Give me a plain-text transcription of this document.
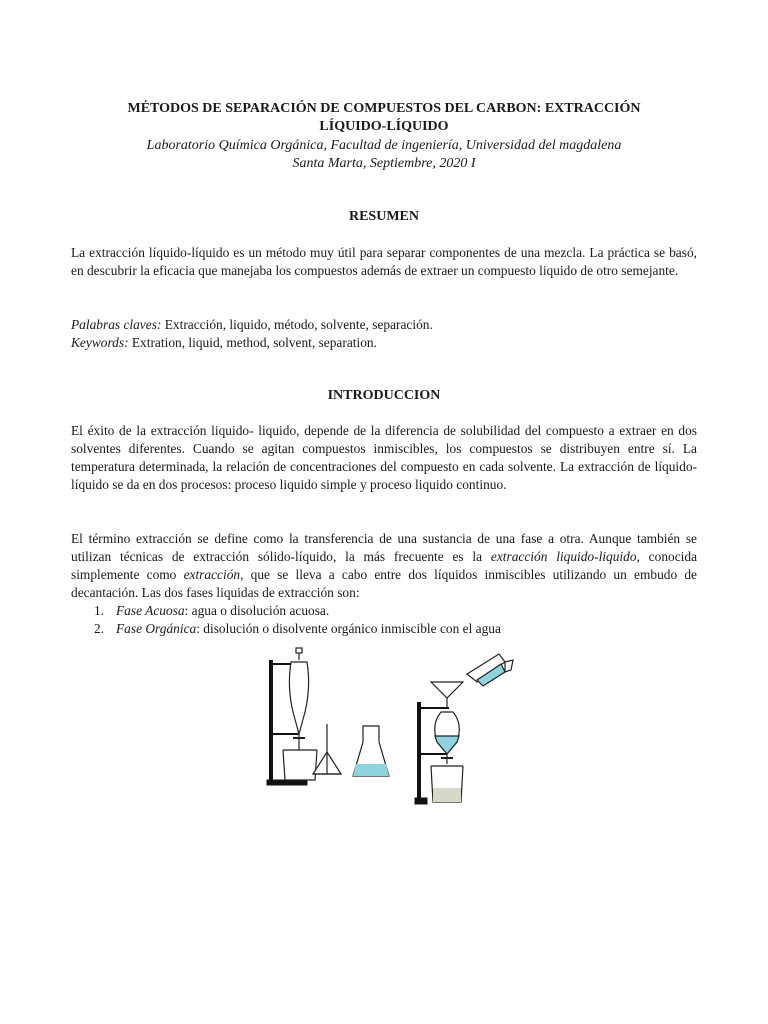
MÉTODOS DE SEPARACIÓN DE COMPUESTOS DEL CARBON: EXTRACCIÓN
LÍQUIDO-LÍQUIDO
Laboratorio Química Orgánica, Facultad de ingeniería, Universidad del magdalena
Santa Marta, Septiembre, 2020 I
RESUMEN
La extracción líquido-líquido es un método muy útil para separar componentes de una mezcla. La práctica se basó, en descubrir la eficacia que manejaba los compuestos además de extraer un compuesto liquido de otro semejante.
Palabras claves: Extracción, liquido, método, solvente, separación.
Keywords: Extration, liquid, method, solvent, separation.
INTRODUCCION
El éxito de la extracción liquido- liquido, depende de la diferencia de solubilidad del compuesto a extraer en dos solventes diferentes. Cuando se agitan compuestos inmiscibles, los compuestos se distribuyen entre sí. La temperatura determinada, la relación de concentraciones del compuesto en cada solvente. La extracción de líquido- líquido se da en dos procesos: proceso liquido simple y proceso liquido continuo.
El término extracción se define como la transferencia de una sustancia de una fase a otra. Aunque también se utilizan técnicas de extracción sólido-líquido, la más frecuente es la extracción liquido-liquido, conocida simplemente como extracción, que se lleva a cabo entre dos líquidos inmiscibles utilizando un embudo de decantación. Las dos fases liquidas de extracción son:
1. Fase Acuosa: agua o disolución acuosa.
2. Fase Orgánica: disolución o disolvente orgánico inmiscible con el agua
